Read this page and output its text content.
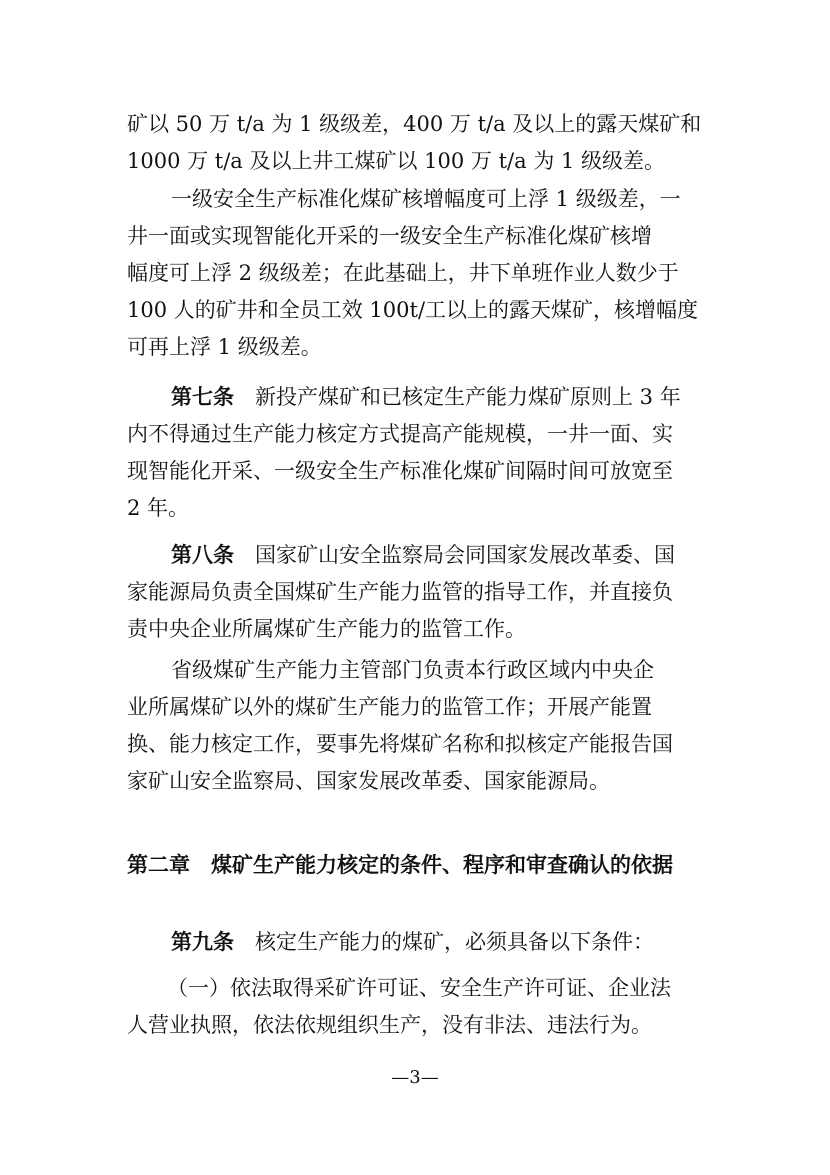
矿以 50 万 t/a 为 1 级级差，400 万 t/a 及以上的露天煤矿和
1000 万 t/a 及以上井工煤矿以 100 万 t/a 为 1 级级差。
一级安全生产标准化煤矿核增幅度可上浮 1 级级差，一
井一面或实现智能化开采的一级安全生产标准化煤矿核增
幅度可上浮 2 级级差；在此基础上，井下单班作业人数少于
100 人的矿井和全员工效 100t/工以上的露天煤矿，核增幅度
可再上浮 1 级级差。
第七条　 新投产煤矿和已核定生产能力煤矿原则上 3 年
内不得通过生产能力核定方式提高产能规模，一井一面、实
现智能化开采、一级安全生产标准化煤矿间隔时间可放宽至
2 年。
第八条　 国家矿山安全监察局会同国家发展改革委、国
家能源局负责全国煤矿生产能力监管的指导工作，并直接负
责中央企业所属煤矿生产能力的监管工作。
省级煤矿生产能力主管部门负责本行政区域内中央企
业所属煤矿以外的煤矿生产能力的监管工作；开展产能置
换、能力核定工作，要事先将煤矿名称和拟核定产能报告国
家矿山安全监察局、国家发展改革委、国家能源局。
第二章　煤矿生产能力核定的条件、程序和审查确认的依据
第九条　 核定生产能力的煤矿，必须具备以下条件：
（一）依法取得采矿许可证、安全生产许可证、企业法
人营业执照，依法依规组织生产，没有非法、违法行为。
—3—
